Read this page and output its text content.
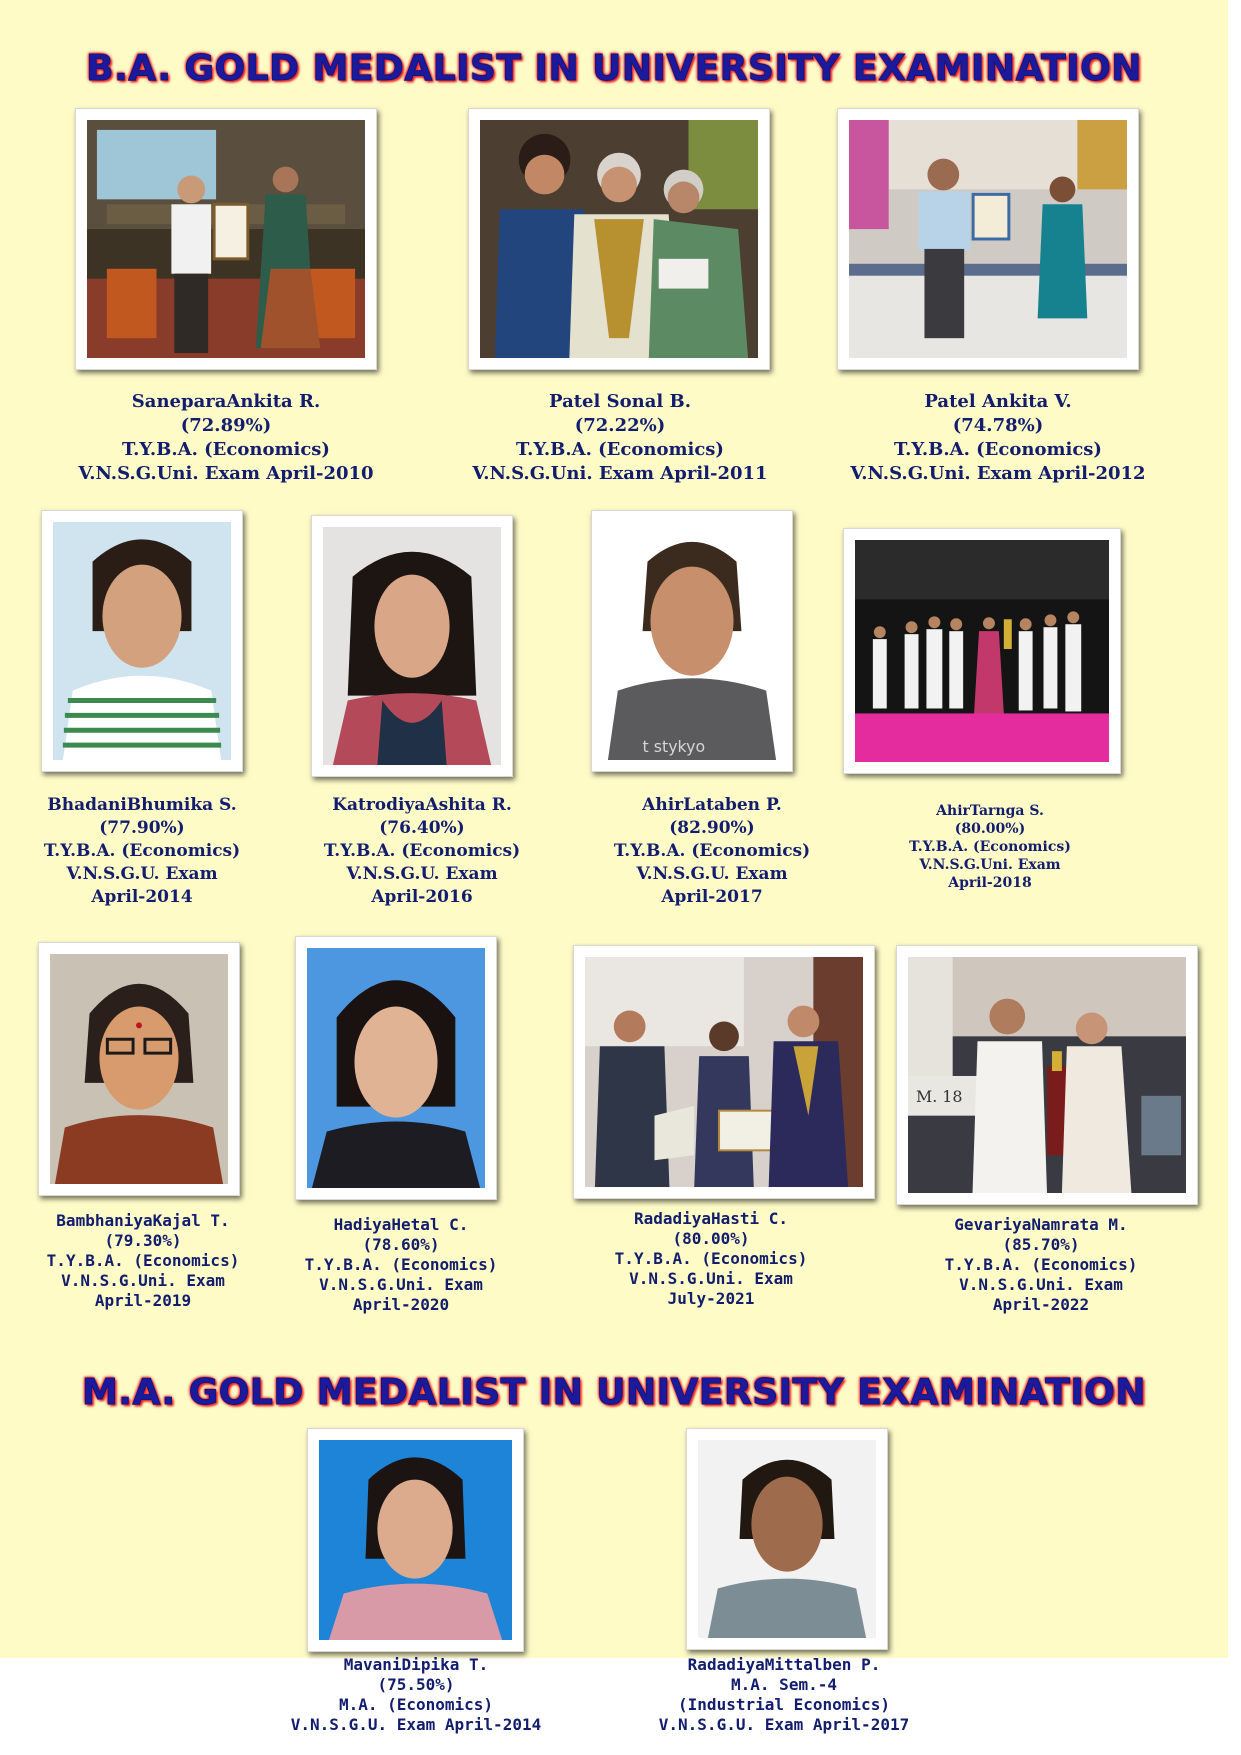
B.A. GOLD MEDALIST IN UNIVERSITY EXAMINATION
M.A. GOLD MEDALIST IN UNIVERSITY EXAMINATION
SaneparaAnkita R.
(72.89%)
T.Y.B.A. (Economics)
V.N.S.G.Uni. Exam April-2010
Patel Sonal B.
(72.22%)
T.Y.B.A. (Economics)
V.N.S.G.Uni. Exam April-2011
Patel Ankita V.
(74.78%)
T.Y.B.A. (Economics)
V.N.S.G.Uni. Exam April-2012
t stykyo
BhadaniBhumika S.
(77.90%)
T.Y.B.A. (Economics)
V.N.S.G.U. Exam
April-2014
KatrodiyaAshita R.
(76.40%)
T.Y.B.A. (Economics)
V.N.S.G.U. Exam
April-2016
AhirLataben P.
(82.90%)
T.Y.B.A. (Economics)
V.N.S.G.U. Exam
April-2017
AhirTarnga S.
(80.00%)
T.Y.B.A. (Economics)
V.N.S.G.Uni. Exam
April-2018
M. 18
BambhaniyaKajal T.
(79.30%)
T.Y.B.A. (Economics)
V.N.S.G.Uni. Exam
April-2019
HadiyaHetal C.
(78.60%)
T.Y.B.A. (Economics)
V.N.S.G.Uni. Exam
April-2020
RadadiyaHasti C.
(80.00%)
T.Y.B.A. (Economics)
V.N.S.G.Uni. Exam
July-2021
GevariyaNamrata M.
(85.70%)
T.Y.B.A. (Economics)
V.N.S.G.Uni. Exam
April-2022
MavaniDipika T.
(75.50%)
M.A. (Economics)
V.N.S.G.U. Exam April-2014
RadadiyaMittalben P.
M.A. Sem.-4
(Industrial Economics)
V.N.S.G.U. Exam April-2017
